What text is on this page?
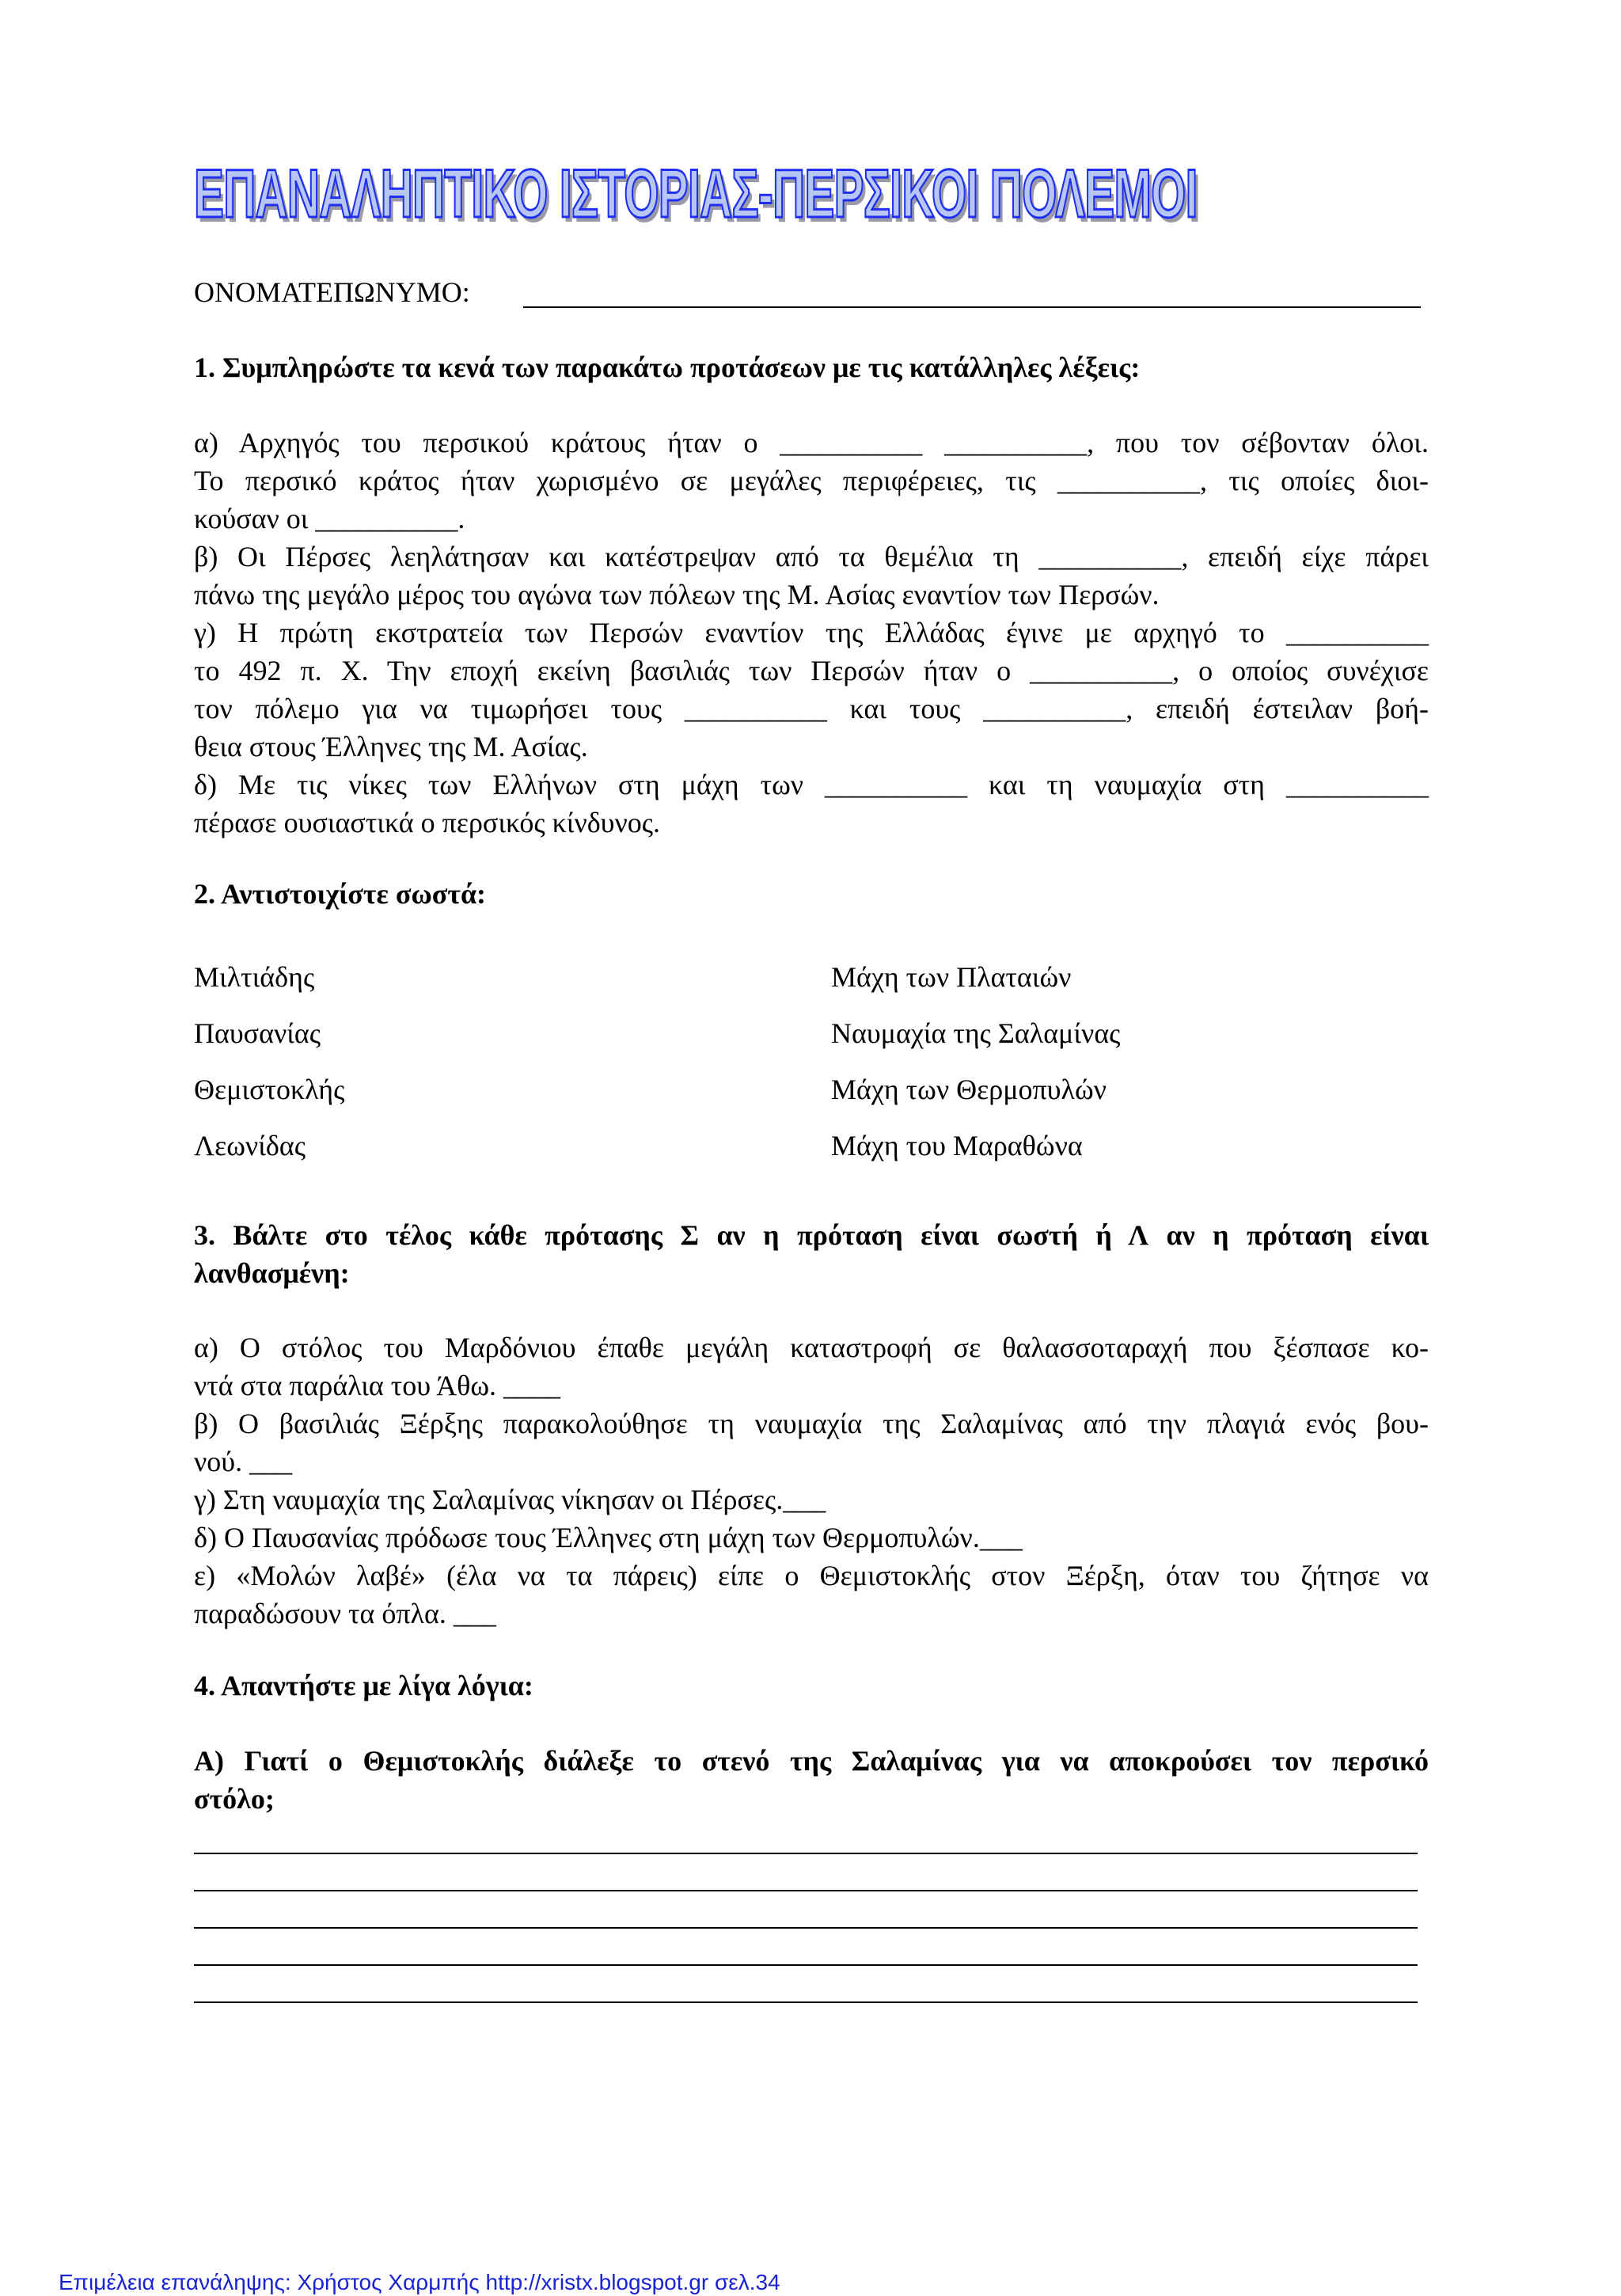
ΕΠΑΝΑΛΗΠΤΙΚΟ ΙΣΤΟΡΙΑΣ-ΠΕΡΣΙΚΟΙ ΠΟΛΕΜΟΙ
ΟΝΟΜΑΤΕΠΩΝΥΜΟ:
1. Συμπληρώστε τα κενά των παρακάτω προτάσεων με τις κατάλληλες λέξεις:
α) Αρχηγός του περσικού κράτους ήταν ο __________ __________, που τον σέβονταν όλοι.
Το περσικό κράτος ήταν χωρισμένο σε μεγάλες περιφέρειες, τις __________, τις οποίες διοι-
κούσαν οι __________.
β) Οι Πέρσες λεηλάτησαν και κατέστρεψαν από τα θεμέλια τη __________, επειδή είχε πάρει
πάνω της μεγάλο μέρος του αγώνα των πόλεων της Μ. Ασίας εναντίον των Περσών.
γ) Η πρώτη εκστρατεία των Περσών εναντίον της Ελλάδας έγινε με αρχηγό το __________
το 492 π. Χ. Την εποχή εκείνη βασιλιάς των Περσών ήταν ο __________, ο οποίος συνέχισε
τον πόλεμο για να τιμωρήσει τους __________ και τους __________, επειδή έστειλαν βοή-
θεια στους Έλληνες της Μ. Ασίας.
δ) Με τις νίκες των Ελλήνων στη μάχη των __________ και τη ναυμαχία στη __________
πέρασε ουσιαστικά ο περσικός κίνδυνος.
2. Αντιστοιχίστε σωστά:
Μιλτιάδης
Παυσανίας
Θεμιστοκλής
Λεωνίδας
Μάχη των Πλαταιών
Ναυμαχία της Σαλαμίνας
Μάχη των Θερμοπυλών
Μάχη του Μαραθώνα
3. Βάλτε στο τέλος κάθε πρότασης Σ αν η πρόταση είναι σωστή ή Λ αν η πρόταση είναι
λανθασμένη:
α) Ο στόλος του Μαρδόνιου έπαθε μεγάλη καταστροφή σε θαλασσοταραχή που ξέσπασε κο-
ντά στα παράλια του Άθω. ____
β) Ο βασιλιάς Ξέρξης παρακολούθησε τη ναυμαχία της Σαλαμίνας από την πλαγιά ενός βου-
νού. ___
γ) Στη ναυμαχία της Σαλαμίνας νίκησαν οι Πέρσες.___
δ) Ο Παυσανίας πρόδωσε τους Έλληνες στη μάχη των Θερμοπυλών.___
ε) «Μολών λαβέ» (έλα να τα πάρεις) είπε ο Θεμιστοκλής στον Ξέρξη, όταν του ζήτησε να
παραδώσουν τα όπλα. ___
4. Απαντήστε με λίγα λόγια:
Α) Γιατί ο Θεμιστοκλής διάλεξε το στενό της Σαλαμίνας για να αποκρούσει τον περσικό
στόλο;
Επιμέλεια επανάληψης: Χρήστος Χαρμπής http://xristx.blogspot.gr σελ.34
